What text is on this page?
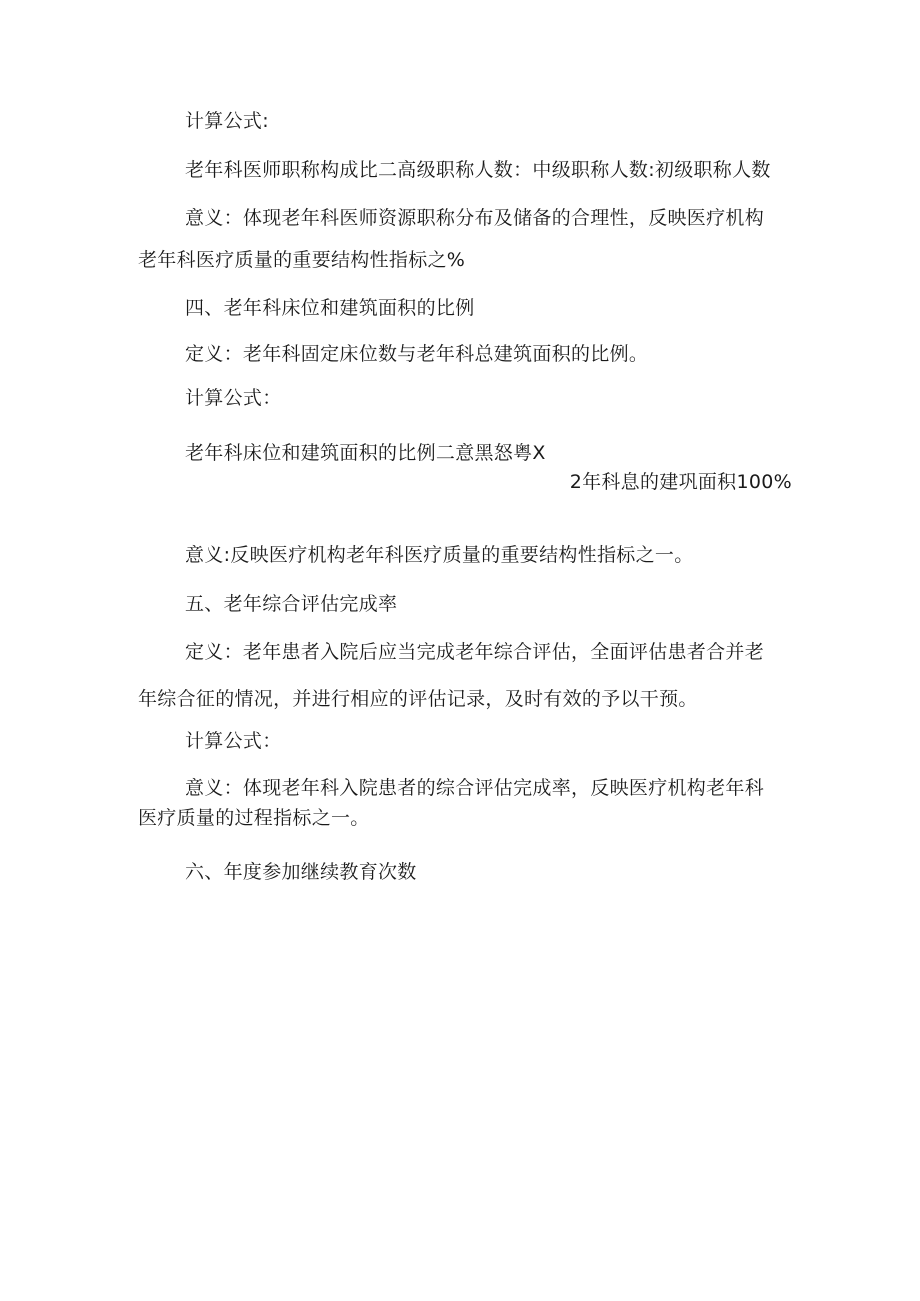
计算公式:
老年科医师职称构成比二高级职称人数：中级职称人数:初级职称人数
意义：体现老年科医师资源职称分布及储备的合理性，反映医疗机构
老年科医疗质量的重要结构性指标之%
四、老年科床位和建筑面积的比例
定义：老年科固定床位数与老年科总建筑面积的比例。
计算公式：
老年科床位和建筑面积的比例二意黑怒粤X
2年科息的建巩面积100%
意义:反映医疗机构老年科医疗质量的重要结构性指标之一。
五、老年综合评估完成率
定义：老年患者入院后应当完成老年综合评估，全面评估患者合并老
年综合征的情况，并进行相应的评估记录，及时有效的予以干预。
计算公式：
意义：体现老年科入院患者的综合评估完成率，反映医疗机构老年科
医疗质量的过程指标之一。
六、年度参加继续教育次数
